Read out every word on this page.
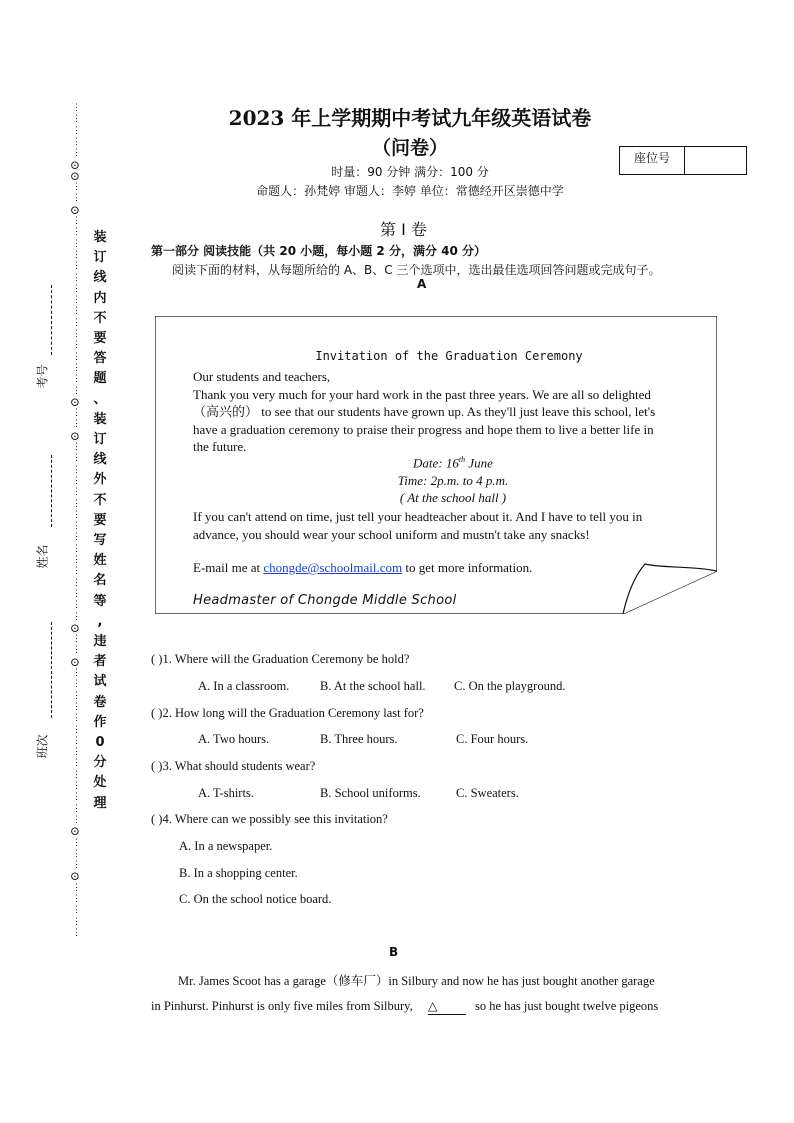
⋮
⋮
⋮
⋮
⋮
⊙
⊙
⋮
⋮
⊙
⋮
⋮
⋮
⋮
⋮
⋮
⋮
⋮
⋮
⋮
⋮
⋮
⋮
⋮
⋮
⋮
⊙
⋮
⋮
⊙
⋮
⋮
⋮
⋮
⋮
⋮
⋮
⋮
⋮
⋮
⋮
⋮
⋮
⋮
⋮
⋮
⊙
⋮
⋮
⊙
⋮
⋮
⋮
⋮
⋮
⋮
⋮
⋮
⋮
⋮
⋮
⋮
⋮
⋮
⊙
⋮
⋮
⋮
⊙
⋮
⋮
⋮
⋮
⋮
装
订
线
内
不
要
答
题
、
装
订
线
外
不
要
写
姓
名
等
,
违
者
试
卷
作
0
分
处
理
考号
姓名
班次
2023 年上学期期中考试九年级英语试卷
（问卷）	座位号
时量：90 分钟 满分：100 分
命题人：孙梵婷 审题人：李婷 单位：常德经开区崇德中学
第 I 卷
第一部分 阅读技能（共 20 小题，每小题 2 分，满分 40 分）
阅读下面的材料，从每题所给的 A、B、C 三个选项中，选出最佳选项回答问题或完成句子。
A
Invitation of the Graduation Ceremony
Our students and teachers,
Thank you very much for your hard work in the past three years. We are all so delighted
（高兴的） to see that our students have grown up. As they'll just leave this school, let's
have a graduation ceremony to praise their progress and hope them to live a better life in
the future.
Date: 16th June
Time: 2p.m. to 4 p.m.
( At the school hall )
If you can't attend on time, just tell your headteacher about it. And I have to tell you in
advance, you should wear your school uniform and mustn't take any snacks!
E-mail me at chongde@schoolmail.com to get more information.
Headmaster of Chongde Middle School
( )1. Where will the Graduation Ceremony be hold?
A. In a classroom. B. At the school hall. C. On the playground.
( )2. How long will the Graduation Ceremony last for?
A. Two hours.	B. Three hours.	C. Four hours.
( )3. What should students wear?
A. T-shirts.	B. School uniforms.	C. Sweaters.
( )4. Where can we possibly see this invitation?
A. In a newspaper.
B. In a shopping center.
C. On the school notice board.
B
Mr. James Scoot has a garage（修车厂）in Silbury and now he has just bought another garage
in Pinhurst. Pinhurst is only five miles from Silbury, △	so he has just bought twelve pigeons
